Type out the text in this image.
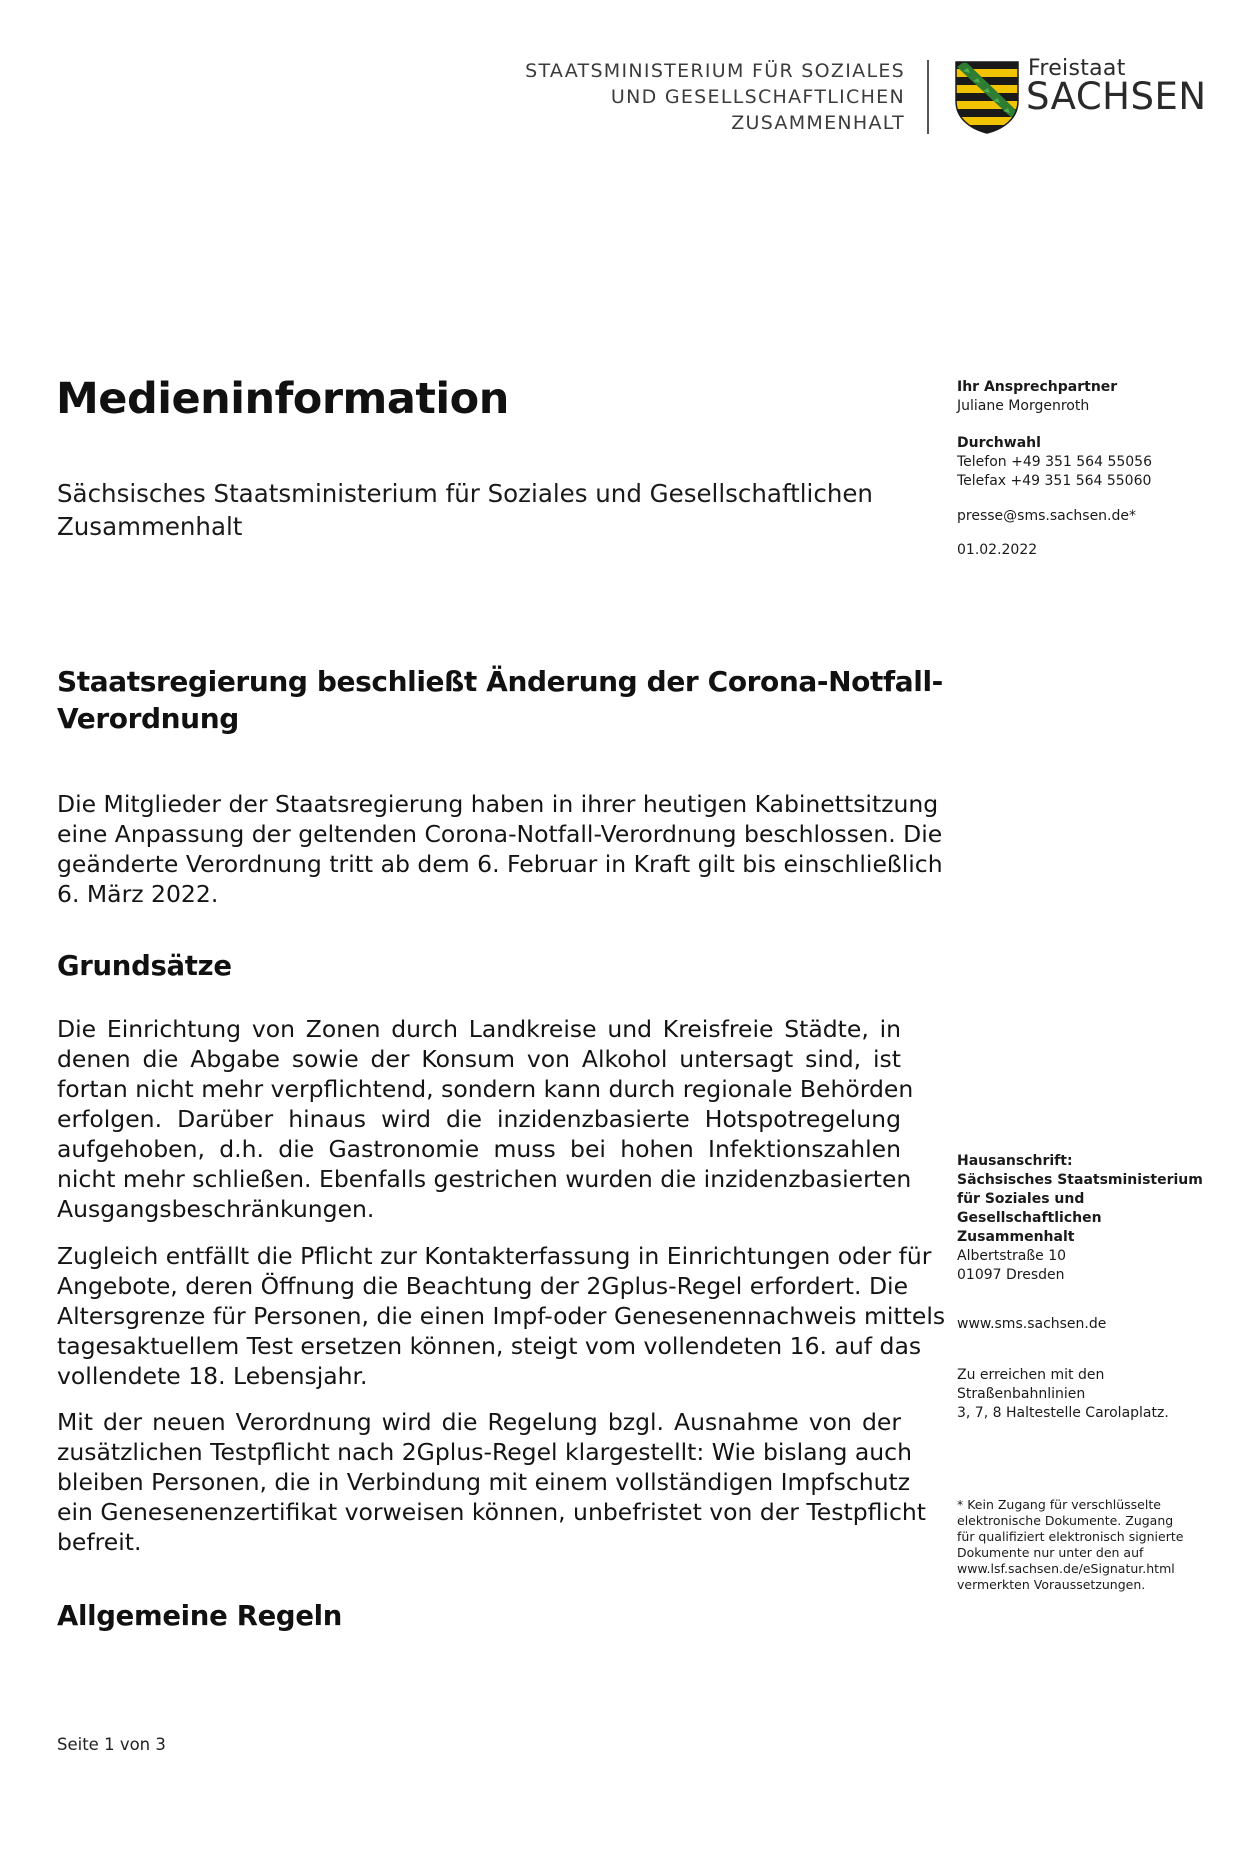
STAATSMINISTERIUM FÜR SOZIALES
UND GESELLSCHAFTLICHEN
ZUSAMMENHALT
Freistaat
SACHSEN
Medieninformation
Sächsisches Staatsministerium für Soziales und Gesellschaftlichen
Zusammenhalt
Ihr Ansprechpartner
Juliane Morgenroth
Durchwahl
Telefon +49 351 564 55056
Telefax +49 351 564 55060
presse@sms.sachsen.de*
01.02.2022
Staatsregierung beschließt Änderung der Corona-Notfall-
Verordnung
Die Mitglieder der Staatsregierung haben in ihrer heutigen Kabinettsitzung
eine Anpassung der geltenden Corona-Notfall-Verordnung beschlossen. Die
geänderte Verordnung tritt ab dem 6. Februar in Kraft gilt bis einschließlich
6. März 2022.
Grundsätze
Die Einrichtung von Zonen durch Landkreise und Kreisfreie Städte, in
denen die Abgabe sowie der Konsum von Alkohol untersagt sind, ist
fortan nicht mehr verpflichtend, sondern kann durch regionale Behörden
erfolgen. Darüber hinaus wird die inzidenzbasierte Hotspotregelung
aufgehoben, d.h. die Gastronomie muss bei hohen Infektionszahlen
nicht mehr schließen. Ebenfalls gestrichen wurden die inzidenzbasierten
Ausgangsbeschränkungen.
Zugleich entfällt die Pflicht zur Kontakterfassung in Einrichtungen oder für
Angebote, deren Öffnung die Beachtung der 2Gplus-Regel erfordert. Die
Altersgrenze für Personen, die einen Impf-oder Genesenennachweis mittels
tagesaktuellem Test ersetzen können, steigt vom vollendeten 16. auf das
vollendete 18. Lebensjahr.
Mit der neuen Verordnung wird die Regelung bzgl. Ausnahme von der
zusätzlichen Testpflicht nach 2Gplus-Regel klargestellt: Wie bislang auch
bleiben Personen, die in Verbindung mit einem vollständigen Impfschutz
ein Genesenenzertifikat vorweisen können, unbefristet von der Testpflicht
befreit.
Allgemeine Regeln
Hausanschrift:
Sächsisches Staatsministerium
für Soziales und
Gesellschaftlichen
Zusammenhalt
Albertstraße 10
01097 Dresden
www.sms.sachsen.de
Zu erreichen mit den
Straßenbahnlinien
3, 7, 8 Haltestelle Carolaplatz.
* Kein Zugang für verschlüsselte
elektronische Dokumente. Zugang
für qualifiziert elektronisch signierte
Dokumente nur unter den auf
www.lsf.sachsen.de/eSignatur.html
vermerkten Voraussetzungen.
Seite 1 von 3
